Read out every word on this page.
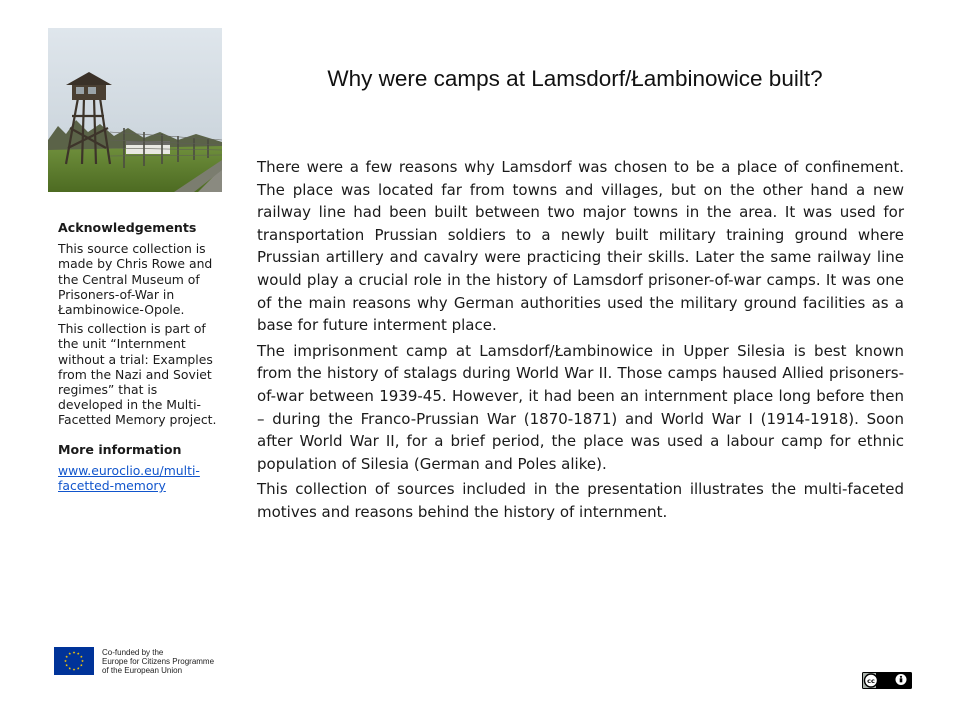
Acknowledgements

This source collection is made by Chris Rowe and the Central Museum of Prisoners-of-War in Łambinowice-Opole.

This collection is part of the unit “Internment without a trial: Examples from the Nazi and Soviet regimes” that is developed in the Multi-Facetted Memory project.

More information
www.euroclio.eu/multi-facetted-memory
Why were camps at Lamsdorf/Łambinowice built?

There were a few reasons why Lamsdorf was chosen to be a place of confinement. The place was located far from towns and villages, but on the other hand a new railway line had been built between two major towns in the area. It was used for transportation Prussian soldiers to a newly built military training ground where Prussian artillery and cavalry were practicing their skills. Later the same railway line would play a crucial role in the history of Lamsdorf prisoner-of-war camps. It was one of the main reasons why German authorities used the military ground facilities as a base for future interment place.

The imprisonment camp at Lamsdorf/Łambinowice in Upper Silesia is best known from the history of stalags during World War II. Those camps haused Allied prisoners-of-war between 1939-45. However, it had been an internment place long before then – during the Franco-Prussian War (1870-1871) and World War I (1914-1918). Soon after World War II, for a brief period, the place was used a labour camp for ethnic population of Silesia (German and Poles alike).

This collection of sources included in the presentation illustrates the multi-faceted motives and reasons behind the history of internment.

Co-funded by the
Europe for Citizens Programme
of the European Union
cc
